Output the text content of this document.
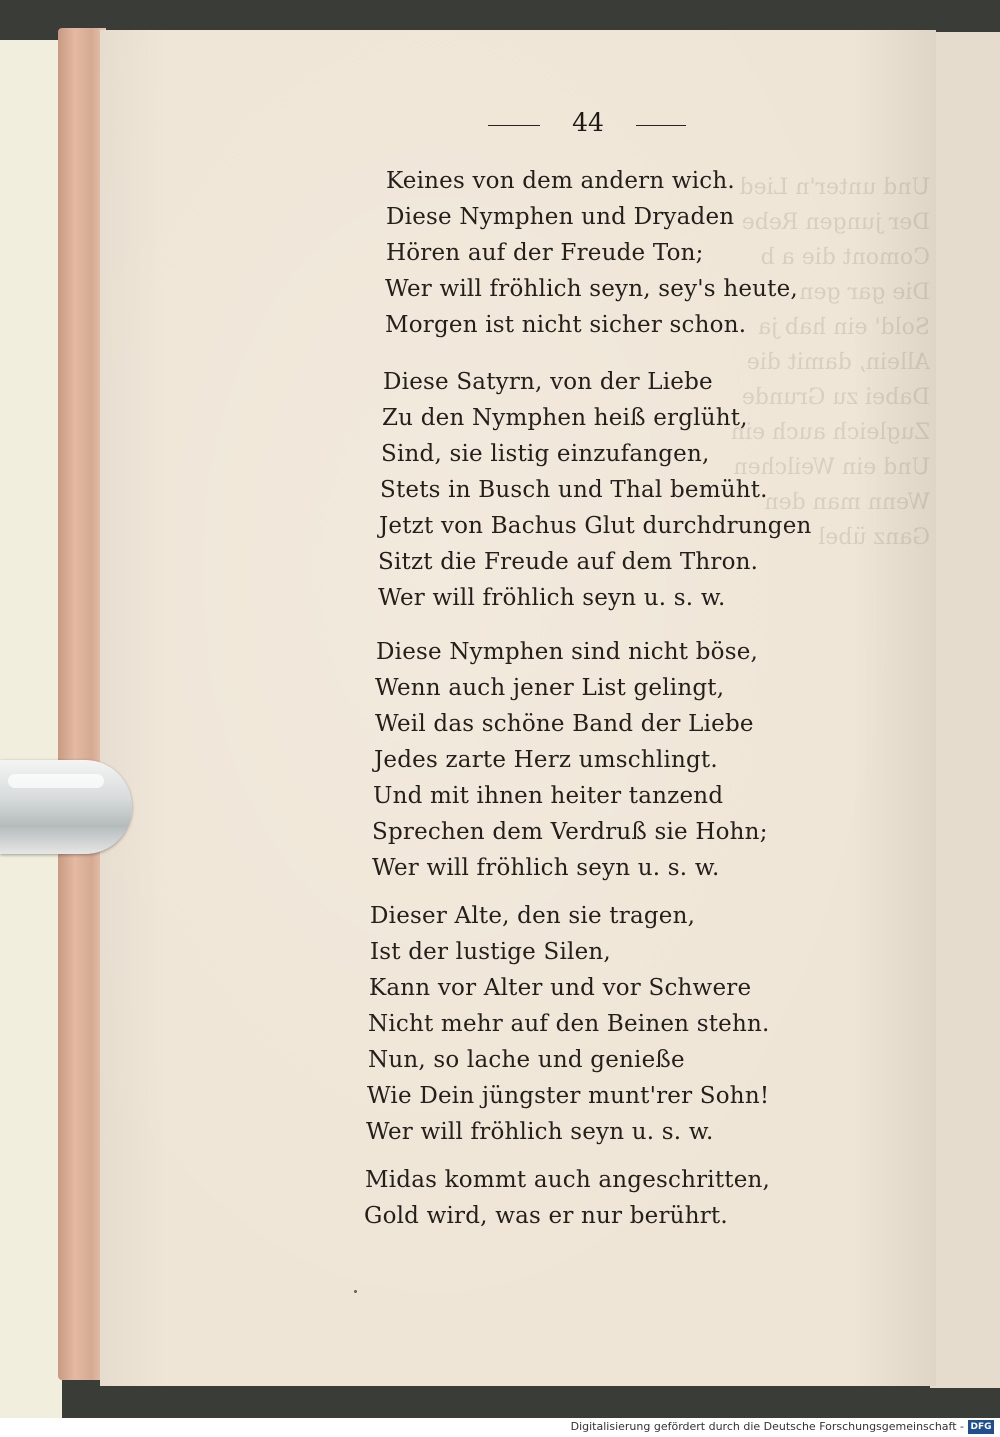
Und unter'n Lied
Der jungen Rebe
Comont die a b
Die gar gen
Sold' ein hab ja
Allein, damit die
Dabei zu Grunde
Zugleich auch ein
Und ein Weilchen
Wenn man den
Ganz übel
44
Keines von dem andern wich.
Diese Nymphen und Dryaden
Hören auf der Freude Ton;
Wer will fröhlich seyn, sey's heute,
Morgen ist nicht sicher schon.
Diese Satyrn, von der Liebe
Zu den Nymphen heiß erglüht,
Sind, sie listig einzufangen,
Stets in Busch und Thal bemüht.
Jetzt von Bachus Glut durchdrungen
Sitzt die Freude auf dem Thron.
Wer will fröhlich seyn u. s. w.
Diese Nymphen sind nicht böse,
Wenn auch jener List gelingt,
Weil das schöne Band der Liebe
Jedes zarte Herz umschlingt.
Und mit ihnen heiter tanzend
Sprechen dem Verdruß sie Hohn;
Wer will fröhlich seyn u. s. w.
Dieser Alte, den sie tragen,
Ist der lustige Silen,
Kann vor Alter und vor Schwere
Nicht mehr auf den Beinen stehn.
Nun, so lache und genieße
Wie Dein jüngster munt'rer Sohn!
Wer will fröhlich seyn u. s. w.
Midas kommt auch angeschritten,
Gold wird, was er nur berührt.
Digitalisierung gefördert durch die Deutsche Forschungsgemeinschaft - DFG
